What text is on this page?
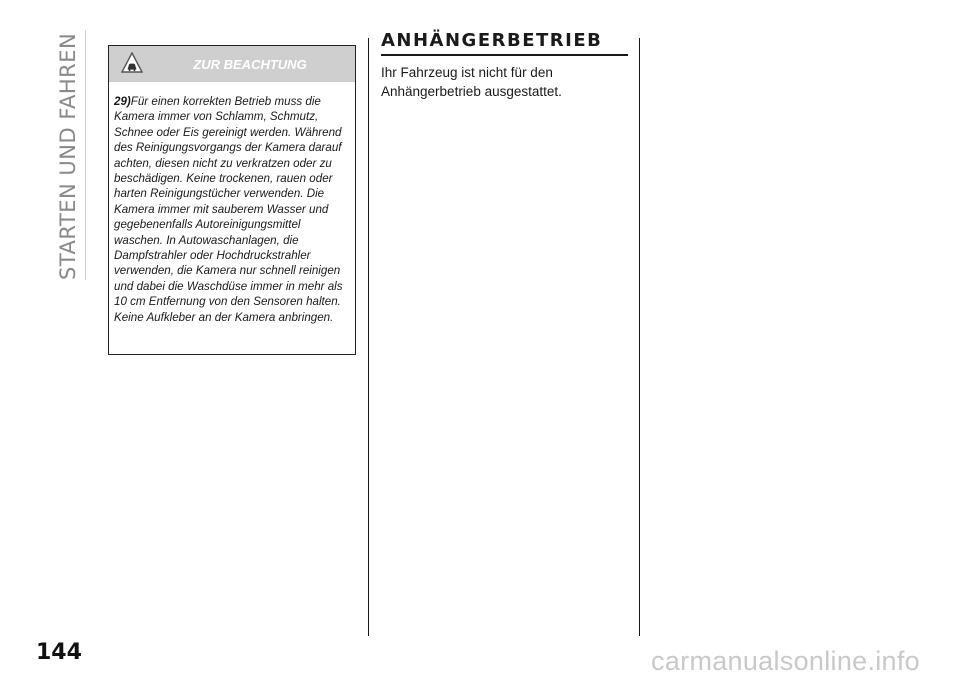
STARTEN UND FAHREN	ZUR BEACHTUNG
29)Für einen korrekten Betrieb muss die Kamera immer von Schlamm, Schmutz, Schnee oder Eis gereinigt werden. Während des Reinigungsvorgangs der Kamera darauf achten, diesen nicht zu verkratzen oder zu beschädigen. Keine trockenen, rauen oder harten Reinigungstücher verwenden. Die Kamera immer mit sauberem Wasser und gegebenenfalls Autoreinigungsmittel waschen. In Autowaschanlagen, die Dampfstrahler oder Hochdruckstrahler verwenden, die Kamera nur schnell reinigen und dabei die Waschdüse immer in mehr als 10 cm Entfernung von den Sensoren halten. Keine Aufkleber an der Kamera anbringen.
ANHÄNGERBETRIEB
Ihr Fahrzeug ist nicht für den Anhängerbetrieb ausgestattet.
144	carmanualsonline.info
